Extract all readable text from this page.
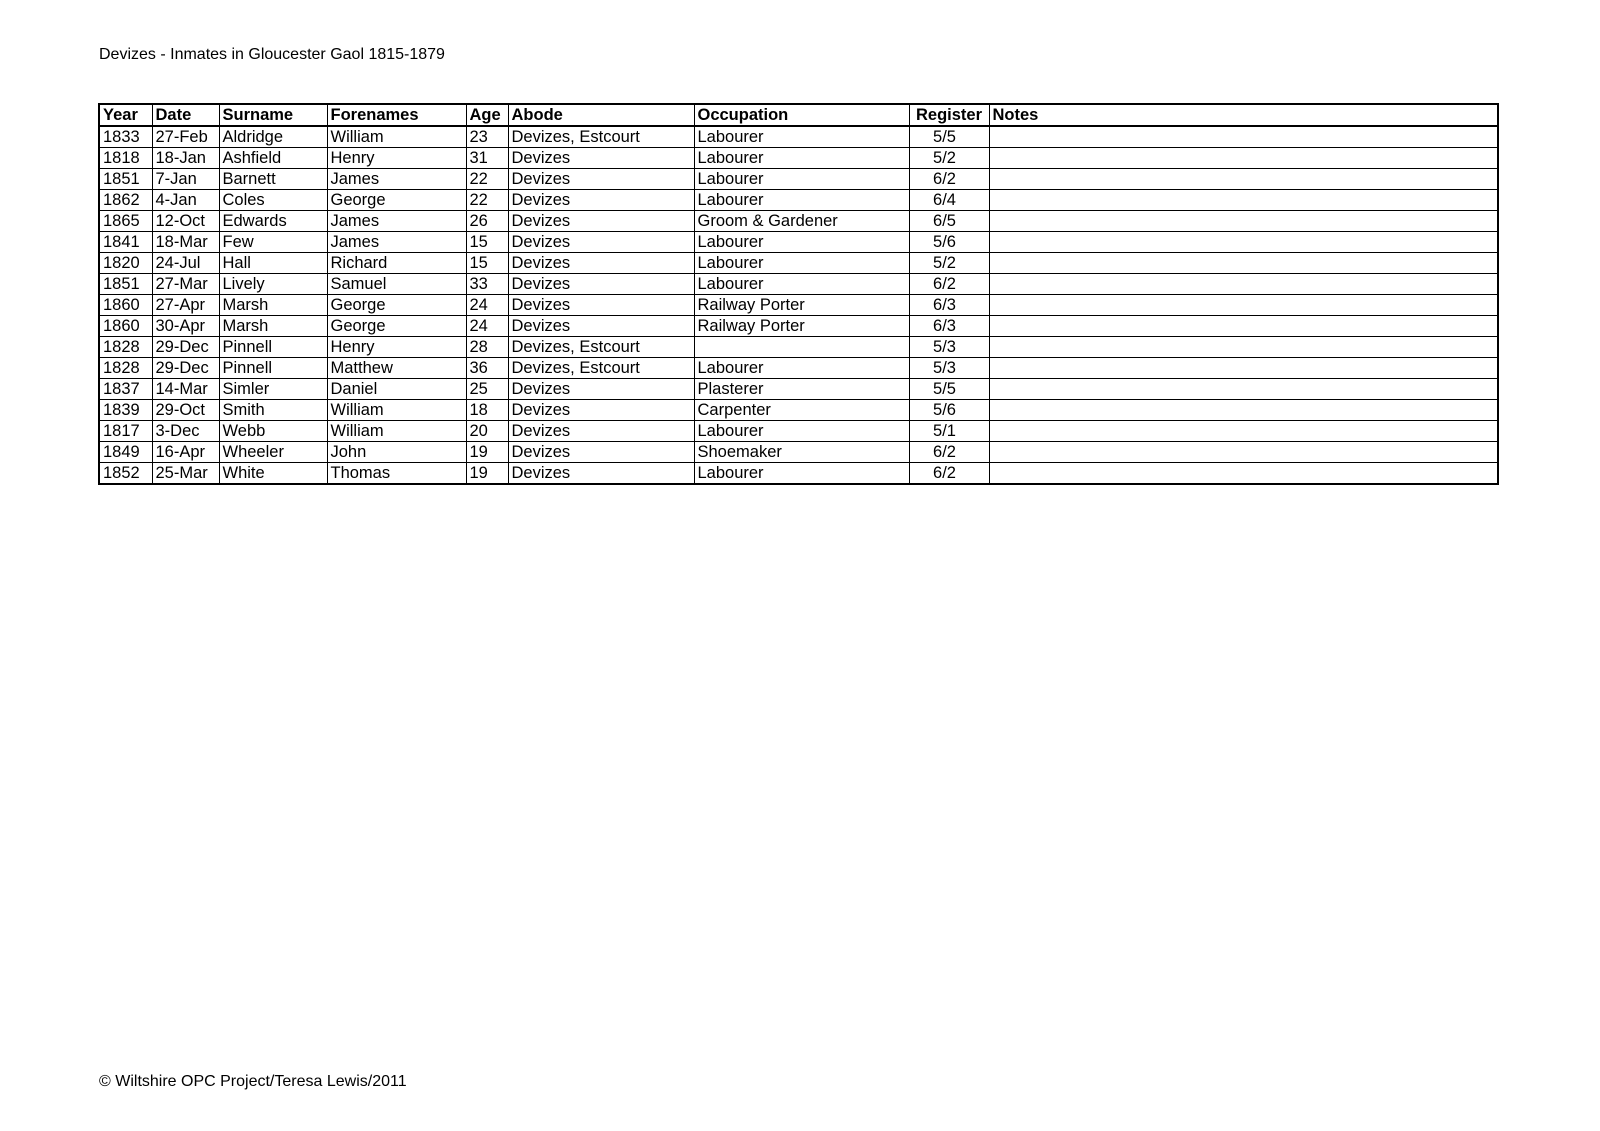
Devizes - Inmates in Gloucester Gaol 1815-1879
Year	Date	Surname	Forenames	Age	Abode	Occupation	Register	Notes
1833	27-Feb	Aldridge	William	23	Devizes, Estcourt	Labourer	5/5	
1818	18-Jan	Ashfield	Henry	31	Devizes	Labourer	5/2	
1851	7-Jan	Barnett	James	22	Devizes	Labourer	6/2	
1862	4-Jan	Coles	George	22	Devizes	Labourer	6/4	
1865	12-Oct	Edwards	James	26	Devizes	Groom & Gardener	6/5	
1841	18-Mar	Few	James	15	Devizes	Labourer	5/6	
1820	24-Jul	Hall	Richard	15	Devizes	Labourer	5/2	
1851	27-Mar	Lively	Samuel	33	Devizes	Labourer	6/2	
1860	27-Apr	Marsh	George	24	Devizes	Railway Porter	6/3	
1860	30-Apr	Marsh	George	24	Devizes	Railway Porter	6/3	
1828	29-Dec	Pinnell	Henry	28	Devizes, Estcourt		5/3	
1828	29-Dec	Pinnell	Matthew	36	Devizes, Estcourt	Labourer	5/3	
1837	14-Mar	Simler	Daniel	25	Devizes	Plasterer	5/5	
1839	29-Oct	Smith	William	18	Devizes	Carpenter	5/6	
1817	3-Dec	Webb	William	20	Devizes	Labourer	5/1	
1849	16-Apr	Wheeler	John	19	Devizes	Shoemaker	6/2	
1852	25-Mar	White	Thomas	19	Devizes	Labourer	6/2	
© Wiltshire OPC Project/Teresa Lewis/2011
